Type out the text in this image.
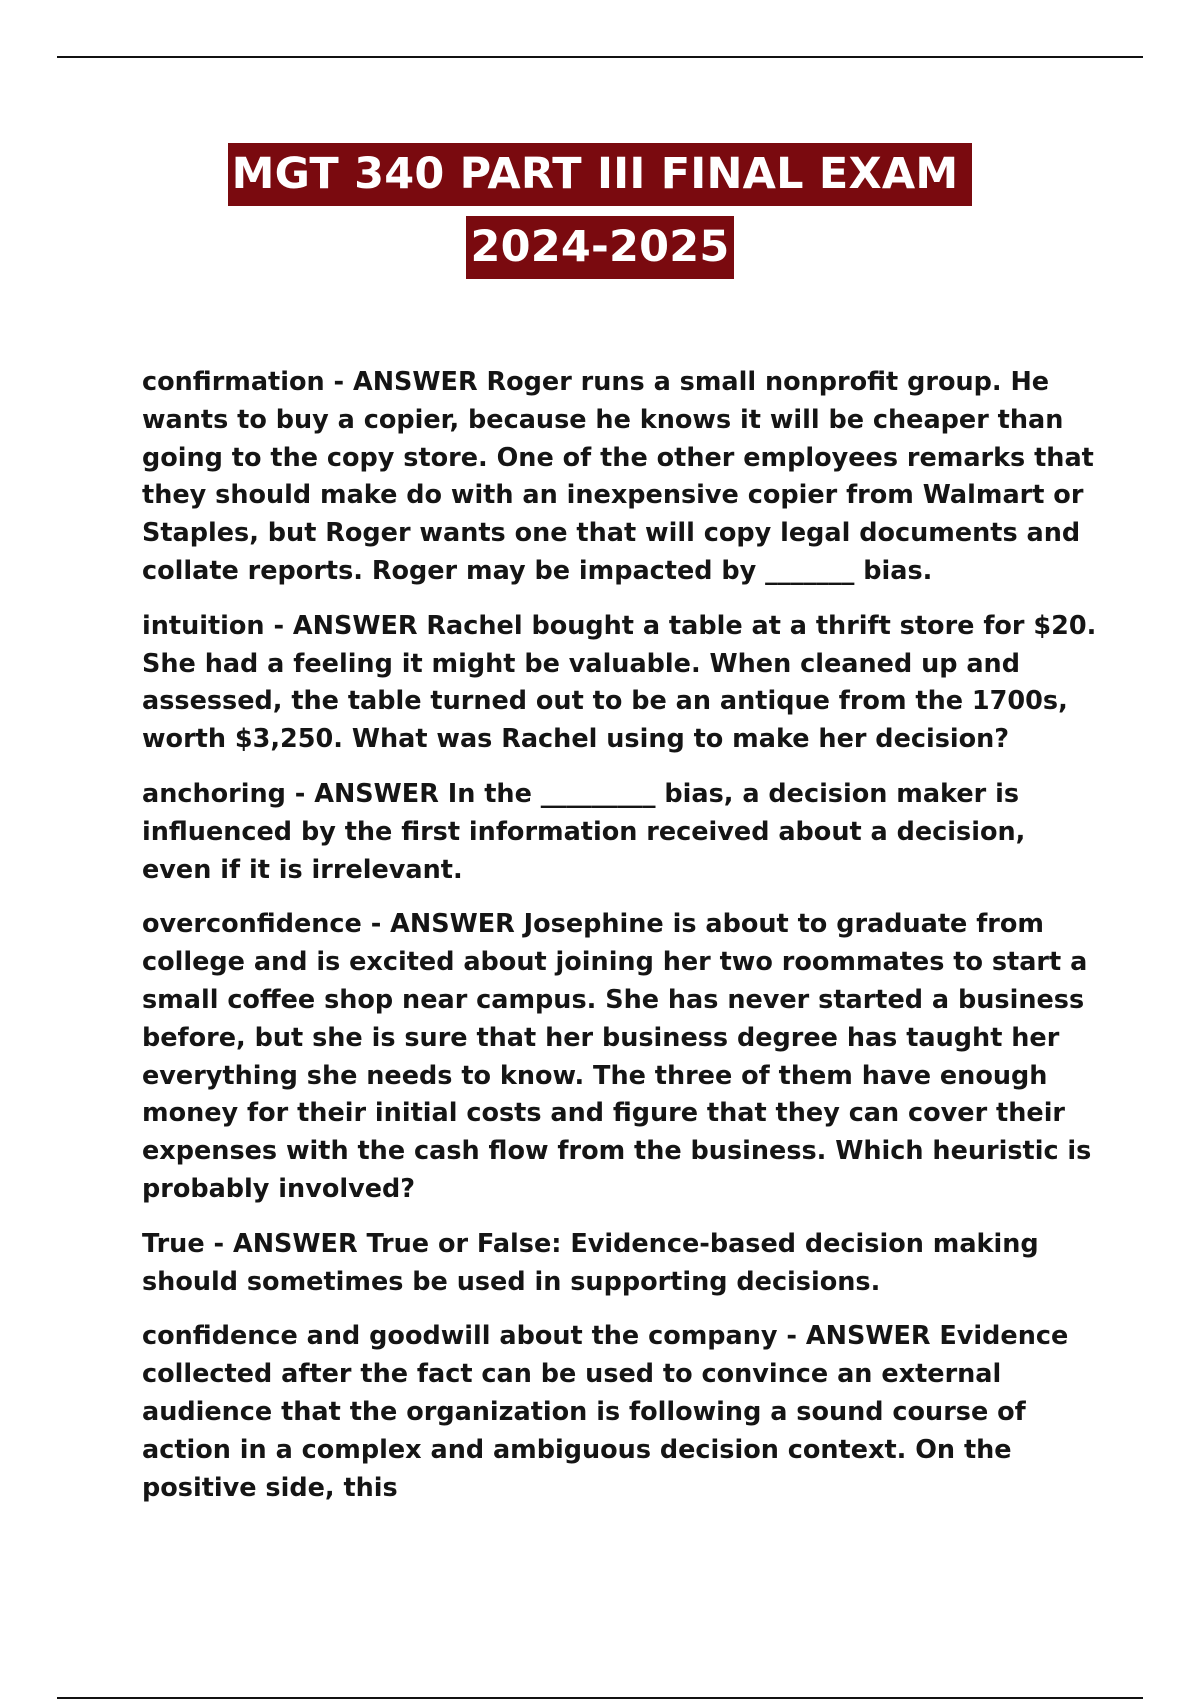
MGT 340 PART III FINAL EXAM
2024-2025

confirmation - ANSWER Roger runs a small nonprofit group. He wants to buy a copier, because he knows it will be cheaper than going to the copy store. One of the other employees remarks that they should make do with an inexpensive copier from Walmart or Staples, but Roger wants one that will copy legal documents and collate reports. Roger may be impacted by _______ bias.

intuition - ANSWER Rachel bought a table at a thrift store for $20. She had a feeling it might be valuable. When cleaned up and assessed, the table turned out to be an antique from the 1700s, worth $3,250. What was Rachel using to make her decision?

anchoring - ANSWER In the _________ bias, a decision maker is influenced by the first information received about a decision, even if it is irrelevant.

overconfidence - ANSWER Josephine is about to graduate from college and is excited about joining her two roommates to start a small coffee shop near campus. She has never started a business before, but she is sure that her business degree has taught her everything she needs to know. The three of them have enough money for their initial costs and figure that they can cover their expenses with the cash flow from the business. Which heuristic is probably involved?

True - ANSWER True or False: Evidence-based decision making should sometimes be used in supporting decisions.

confidence and goodwill about the company - ANSWER Evidence collected after the fact can be used to convince an external audience that the organization is following a sound course of action in a complex and ambiguous decision context. On the positive side, this
